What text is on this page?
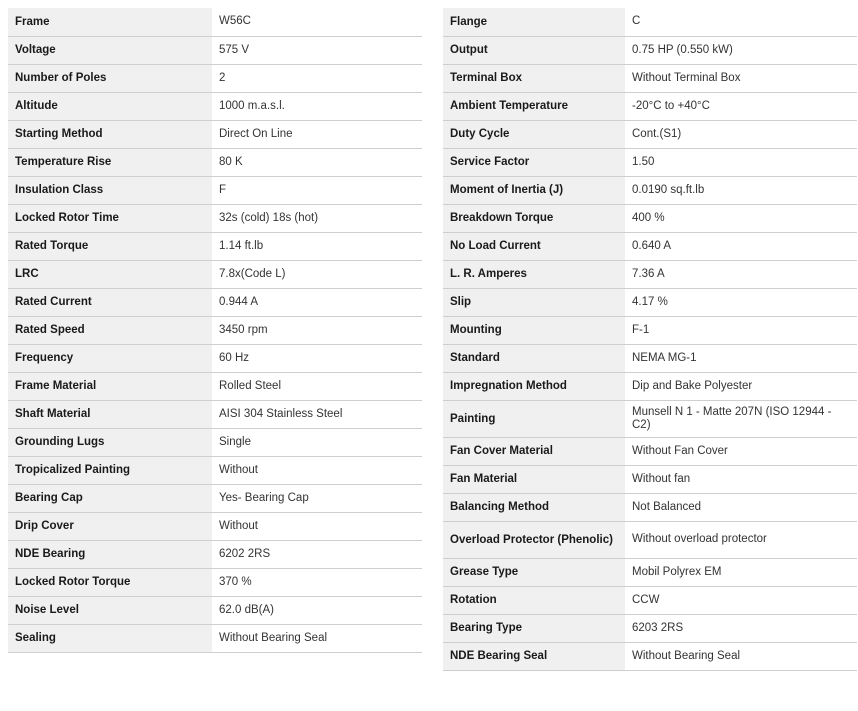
Frame	W56C
Voltage	575 V
Number of Poles	2
Altitude	1000 m.a.s.l.
Starting Method	Direct On Line
Temperature Rise	80 K
Insulation Class	F
Locked Rotor Time	32s (cold) 18s (hot)
Rated Torque	1.14 ft.lb
LRC	7.8x(Code L)
Rated Current	0.944 A
Rated Speed	3450 rpm
Frequency	60 Hz
Frame Material	Rolled Steel
Shaft Material	AISI 304 Stainless Steel
Grounding Lugs	Single
Tropicalized Painting	Without
Bearing Cap	Yes- Bearing Cap
Drip Cover	Without
NDE Bearing	6202 2RS
Locked Rotor Torque	370 %
Noise Level	62.0 dB(A)
Sealing	Without Bearing Seal
Flange	C
Output	0.75 HP (0.550 kW)
Terminal Box	Without Terminal Box
Ambient Temperature	-20°C to +40°C
Duty Cycle	Cont.(S1)
Service Factor	1.50
Moment of Inertia (J)	0.0190 sq.ft.lb
Breakdown Torque	400 %
No Load Current	0.640 A
L. R. Amperes	7.36 A
Slip	4.17 %
Mounting	F-1
Standard	NEMA MG-1
Impregnation Method	Dip and Bake Polyester
Painting	Munsell N 1 - Matte 207N (ISO 12944 - C2)
Fan Cover Material	Without Fan Cover
Fan Material	Without fan
Balancing Method	Not Balanced
Overload Protector (Phenolic)	Without overload protector
Grease Type	Mobil Polyrex EM
Rotation	CCW
Bearing Type	6203 2RS
NDE Bearing Seal	Without Bearing Seal
